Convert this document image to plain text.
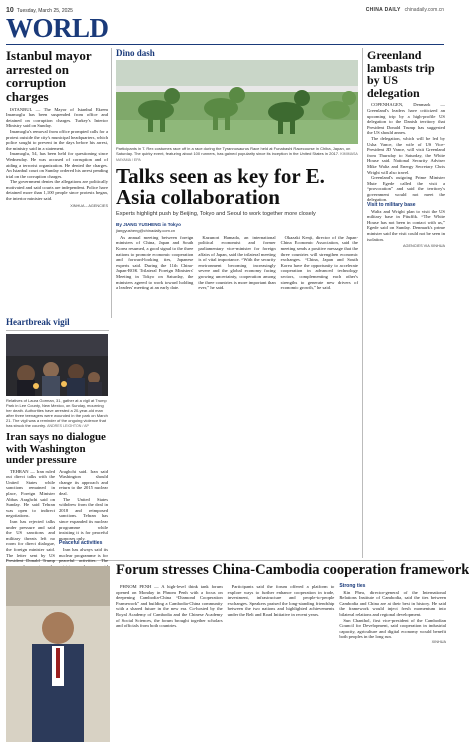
10 Tuesday, March 25, 2025	CHINA DAILY chinadaily.com.cn
WORLD
Istanbul mayor arrested on corruption charges

ISTANBUL — The Mayor of Istanbul Ekrem Imamoglu has been suspended from office and detained on corruption charges. Turkey's Interior Ministry said on Sunday.

Imamoglu's removal from office prompted calls for a protest outside the city's municipal headquarters, which police sought to prevent in the days before his arrest, the ministry said in a statement.

Imamoglu, 54, has been held for questioning since Wednesday. He was accused of corruption and of aiding a terrorist organization. He denied the charges. An Istanbul court on Sunday ordered his arrest pending trial on the corruption charges.

The government denies the allegations are politically motivated and said courts are independent. Police have detained more than 1,100 people since protests began, the interior minister said.

XINHUA – AGENCIES
Heartbreak vigil
Relatives of Laura Gorman, 31, gather at a vigil at Trump Park in Lee County, New Mexico, on Sunday, mourning her death. Authorities have arrested a 20-year-old man after three teenagers were wounded in the park on March 21. The vigil was a reminder of the ongoing violence that has struck the country. ANDRES LEIGHTON / AP
Iran says no dialogue with Washington under pressure

TEHRAN — Iran ruled out direct talks with the United States while sanctions remained in place, Foreign Minister Abbas Araghchi said on Sunday. He said Tehran was open to indirect negotiations.

Iran has rejected talks under pressure and said the US sanctions and military threats left no room for direct dialogue, the foreign minister said. The letter sent by US President Donald Trump

Araghchi said. Iran said Washington should change its approach and return to the 2015 nuclear deal.

The United States withdrew from the deal in 2018 and reimposed sanctions. Tehran has since expanded its nuclear programme while insisting it is for peaceful purposes only.

Peaceful activities

Iran has always said its nuclear programme is for peaceful activities. The

Dino dash
Participants in T. Rex costumes race off in a race during the Tyrannosaurus Race held at Funabashi Racecourse in Chiba, Japan, on Saturday. The quirky event, featuring about 100 runners, has gained popularity since its inception in the United States in 2017. KIMIMASA MAYAMA / EPA
Talks seen as key for E. Asia collaboration
Experts highlight push by Beijing, Tokyo and Seoul to work together more closely
By JIANG YUSHENG in Tokyo
jiangyusheng@chinadaily.com.cn

As annual meeting between foreign ministers of China, Japan and South Korea resumed, a good signal to the three nations to promote economic cooperation and forward-looking ties, Japanese experts said. During the 11th China-Japan-ROK Trilateral Foreign Ministers' Meeting in Tokyo on Saturday, the ministers agreed to work toward holding a leaders' meeting at an early date.

Kazunori Hamada, an international political economist and former parliamentary vice-minister for foreign affairs of Japan, said the trilateral meeting is of vital importance. “With the security environment becoming increasingly severe and the global economy facing growing uncertainty, cooperation among the three countries is more important than ever,” he said.

Okazaki Kenji, director of the Japan-China Economic Association, said the meeting sends a positive message that the three countries will strengthen economic exchanges. “China, Japan and South Korea have the opportunity to accelerate cooperation in advanced technology sectors, complementing each other's strengths to generate new drivers of economic growth,” he said.

Greenland lambasts trip by US delegation

COPENHAGEN, Denmark — Greenland's leaders have criticized an upcoming trip by a high-profile US delegation to the Danish territory that President Donald Trump has suggested the US should annex.

The delegation, which will be led by Usha Vance, the wife of US Vice-President JD Vance, will visit Greenland from Thursday to Saturday, the White House said. National Security Adviser Mike Waltz and Energy Secretary Chris Wright will also travel.

Greenland's outgoing Prime Minister Mute Egede called the visit a “provocation” and said the territory's government would not meet the delegation.

Visit to military base

Waltz and Wright plan to visit the US military base in Pituffik. “The White House has not been in contact with us,” Egede said on Sunday. Denmark's prime minister said the visit could not be seen in isolation.

AGENCIES VIA XINHUA
Forum stresses China-Cambodia cooperation framework

PHNOM PENH — A high-level think tank forum opened on Monday in Phnom Penh with a focus on deepening Cambodia-China “Diamond Cooperation Framework” and building a Cambodia-China community with a shared future in the new era. Co-hosted by the Royal Academy of Cambodia and the Chinese Academy of Social Sciences, the forum brought together scholars and officials from both countries.

Participants said the forum offered a platform to explore ways to further enhance cooperation in trade, investment, infrastructure and people-to-people exchanges. Speakers praised the long-standing friendship between the two nations and highlighted achievements under the Belt and Road Initiative in recent years.

Strong ties

Kin Phea, director-general of the International Relations Institute of Cambodia, said the ties between Cambodia and China are at their best in history. He said the framework would inject fresh momentum into bilateral relations and regional development.

Sun Chanthol, first vice-president of the Cambodian Council for Development, said cooperation in industrial capacity, agriculture and digital economy would benefit both peoples in the long run.

XINHUA
